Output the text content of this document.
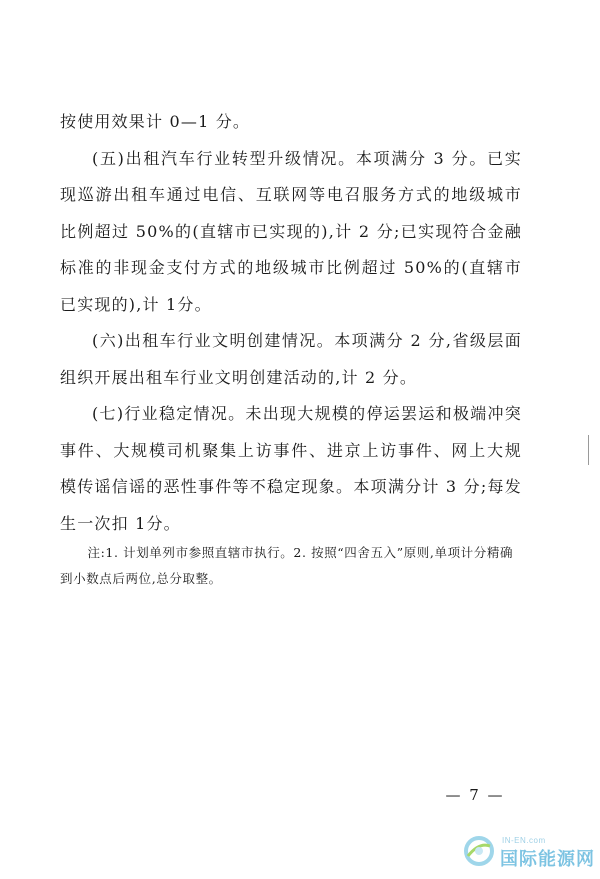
按使用效果计 0—1 分。

(五)出租汽车行业转型升级情况。本项满分 3 分。已实现巡游出租车通过电信、互联网等电召服务方式的地级城市比例超过 50%的(直辖市已实现的),计 2 分;已实现符合金融标准的非现金支付方式的地级城市比例超过 50%的(直辖市已实现的),计 1分。

(六)出租车行业文明创建情况。本项满分 2 分,省级层面组织开展出租车行业文明创建活动的,计 2 分。

(七)行业稳定情况。未出现大规模的停运罢运和极端冲突事件、大规模司机聚集上访事件、进京上访事件、网上大规模传谣信谣的恶性事件等不稳定现象。本项满分计 3 分;每发生一次扣 1分。

注:1. 计划单列市参照直辖市执行。2. 按照“四舍五入”原则,单项计分精确到小数点后两位,总分取整。

— 7 —
IN-EN.com
国际能源网
